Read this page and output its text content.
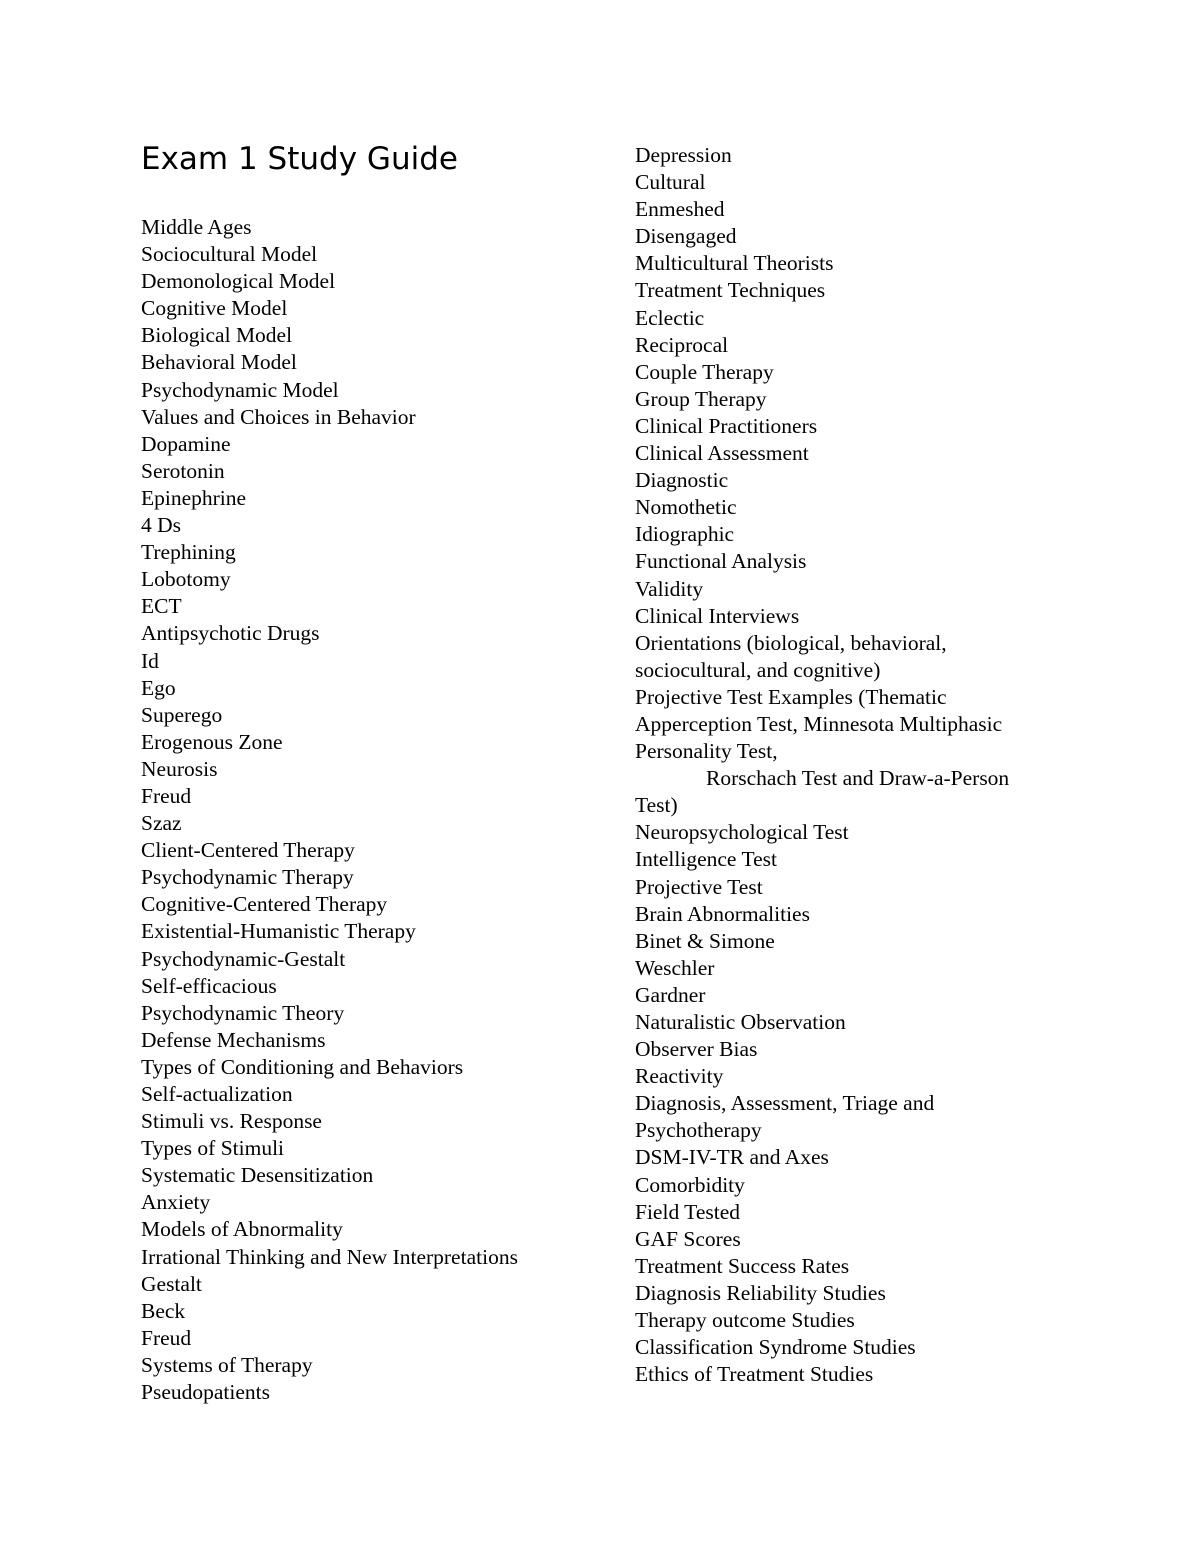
Exam 1 Study Guide
Middle Ages
Sociocultural Model
Demonological Model
Cognitive Model
Biological Model
Behavioral Model
Psychodynamic Model
Values and Choices in Behavior
Dopamine
Serotonin
Epinephrine
4 Ds
Trephining
Lobotomy
ECT
Antipsychotic Drugs
Id
Ego
Superego
Erogenous Zone
Neurosis
Freud
Szaz
Client-Centered Therapy
Psychodynamic Therapy
Cognitive-Centered Therapy
Existential-Humanistic Therapy
Psychodynamic-Gestalt
Self-efficacious
Psychodynamic Theory
Defense Mechanisms
Types of Conditioning and Behaviors
Self-actualization
Stimuli vs. Response
Types of Stimuli
Systematic Desensitization
Anxiety
Models of Abnormality
Irrational Thinking and New Interpretations
Gestalt
Beck
Freud
Systems of Therapy
Pseudopatients
Depression
Cultural
Enmeshed
Disengaged
Multicultural Theorists
Treatment Techniques
Eclectic
Reciprocal
Couple Therapy
Group Therapy
Clinical Practitioners
Clinical Assessment
Diagnostic
Nomothetic
Idiographic
Functional Analysis
Validity
Clinical Interviews
Orientations (biological, behavioral,
sociocultural, and cognitive)
Projective Test Examples (Thematic
Apperception Test, Minnesota Multiphasic
Personality Test,
Rorschach Test and Draw-a-Person
Test)
Neuropsychological Test
Intelligence Test
Projective Test
Brain Abnormalities
Binet & Simone
Weschler
Gardner
Naturalistic Observation
Observer Bias
Reactivity
Diagnosis, Assessment, Triage and
Psychotherapy
DSM-IV-TR and Axes
Comorbidity
Field Tested
GAF Scores
Treatment Success Rates
Diagnosis Reliability Studies
Therapy outcome Studies
Classification Syndrome Studies
Ethics of Treatment Studies
